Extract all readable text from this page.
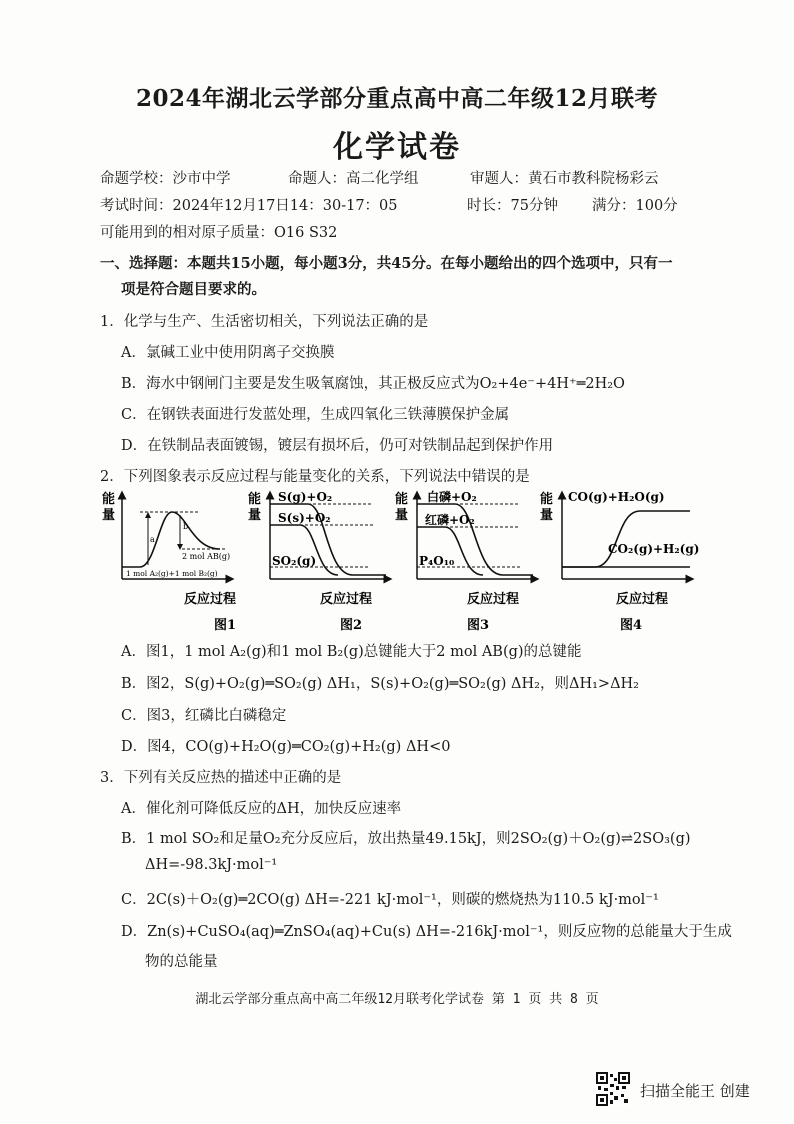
2024年湖北云学部分重点高中高二年级12月联考
化学试卷
命题学校：沙市中学	命题人：高二化学组	审题人：黄石市教科院杨彩云
考试时间：2024年12月17日14：30-17：05	时长：75分钟 满分：100分
可能用到的相对原子质量：O16 S32
一、选择题：本题共15小题，每小题3分，共45分。在每小题给出的四个选项中，只有一
项是符合题目要求的。
1．化学与生产、生活密切相关，下列说法正确的是
A．氯碱工业中使用阴离子交换膜
B．海水中钢闸门主要是发生吸氧腐蚀，其正极反应式为O₂+4e⁻+4H⁺═2H₂O
C．在钢铁表面进行发蓝处理，生成四氧化三铁薄膜保护金属
D．在铁制品表面镀锡，镀层有损坏后，仍可对铁制品起到保护作用
2．下列图象表示反应过程与能量变化的关系，下列说法中错误的是
能
量
a
b
2 mol AB(g)
1 mol A₂(g)+1 mol B₂(g)
反应过程
图1
能
量
S(g)+O₂
S(s)+O₂
SO₂(g)
反应过程
图2
能
量
白磷+O₂
红磷+O₂
P₄O₁₀
反应过程
图3
能
量
CO(g)+H₂O(g)
CO₂(g)+H₂(g)
反应过程
图4
A．图1，1 mol A₂(g)和1 mol B₂(g)总键能大于2 mol AB(g)的总键能
B．图2，S(g)+O₂(g)═SO₂(g) ΔH₁，S(s)+O₂(g)═SO₂(g) ΔH₂，则ΔH₁>ΔH₂
C．图3，红磷比白磷稳定
D．图4，CO(g)+H₂O(g)═CO₂(g)+H₂(g) ΔH<0
3．下列有关反应热的描述中正确的是
A．催化剂可降低反应的ΔH，加快反应速率
B．1 mol SO₂和足量O₂充分反应后，放出热量49.15kJ，则2SO₂(g)＋O₂(g)⇌2SO₃(g)
ΔH=-98.3kJ·mol⁻¹
C．2C(s)＋O₂(g)═2CO(g) ΔH=-221 kJ·mol⁻¹，则碳的燃烧热为110.5 kJ·mol⁻¹
D．Zn(s)+CuSO₄(aq)═ZnSO₄(aq)+Cu(s) ΔH=-216kJ·mol⁻¹，则反应物的总能量大于生成
物的总能量
湖北云学部分重点高中高二年级12月联考化学试卷 第 1 页 共 8 页
扫描全能王 创建
